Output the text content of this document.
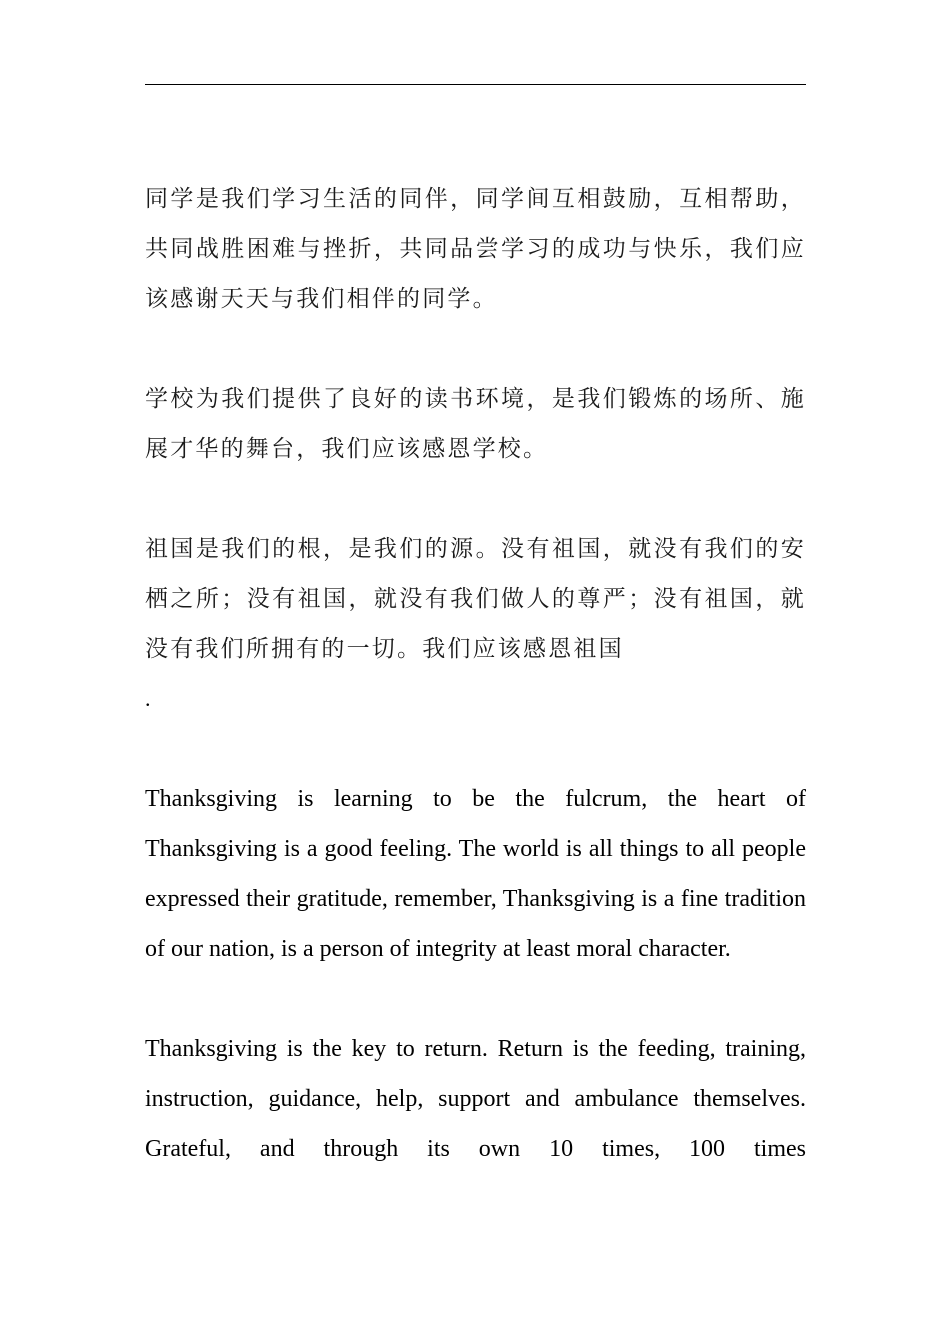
同学是我们学习生活的同伴，同学间互相鼓励，互相帮助，共同战胜困难与挫折，共同品尝学习的成功与快乐，我们应该感谢天天与我们相伴的同学。

学校为我们提供了良好的读书环境，是我们锻炼的场所、施展才华的舞台，我们应该感恩学校。

祖国是我们的根，是我们的源。没有祖国，就没有我们的安栖之所；没有祖国，就没有我们做人的尊严；没有祖国，就没有我们所拥有的一切。我们应该感恩祖国

.

Thanksgiving is learning to be the fulcrum, the heart of Thanksgiving is a good feeling. The world is all things to all people expressed their gratitude, remember, Thanksgiving is a fine tradition of our nation, is a person of integrity at least moral character.

Thanksgiving is the key to return. Return is the feeding, training, instruction, guidance, help, support and ambulance themselves. Grateful, and through its own 10 times, 100 times
